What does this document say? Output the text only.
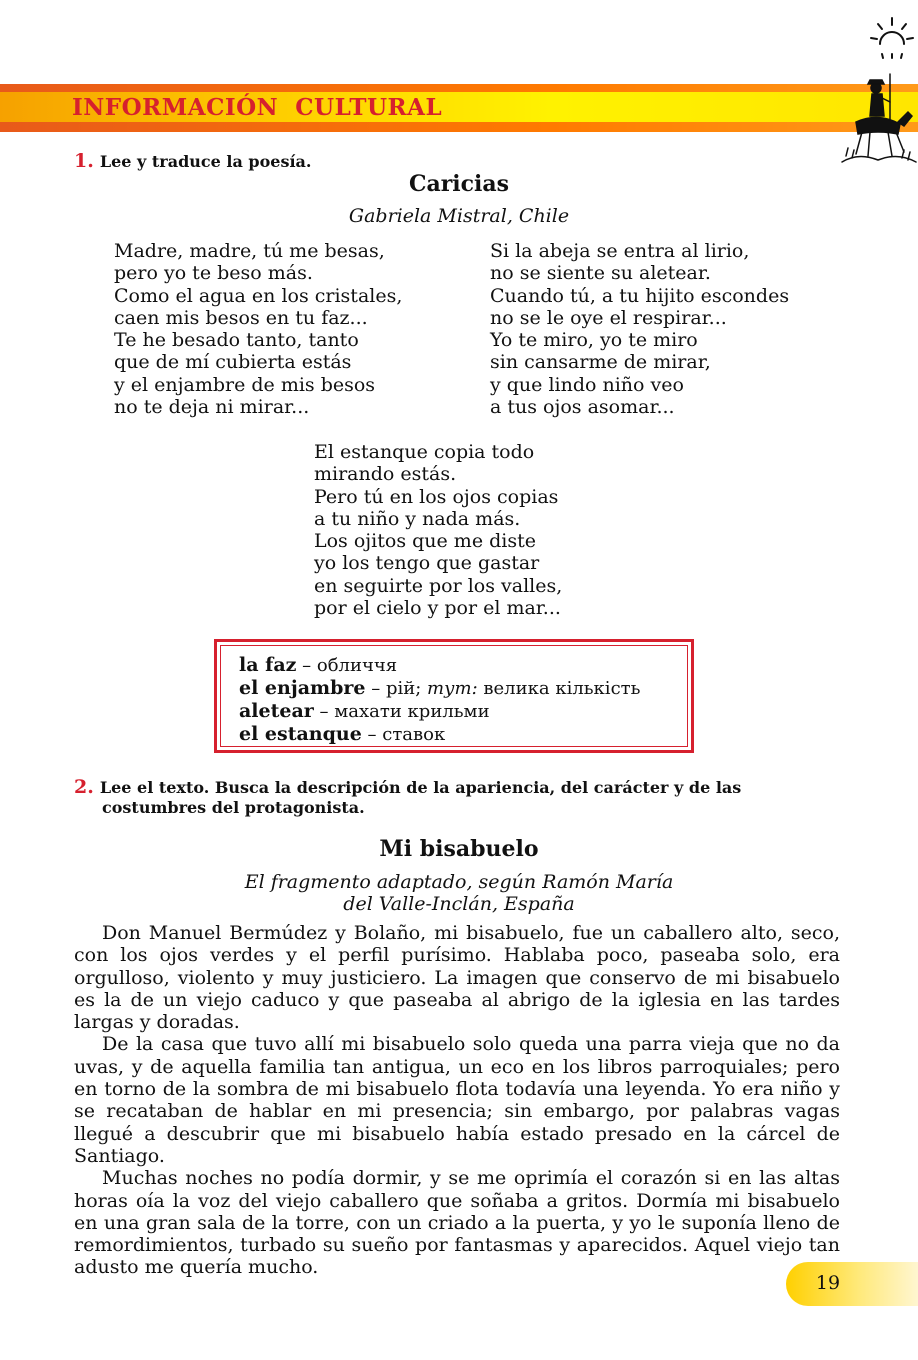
INFORMACIÓN  CULTURAL
1. Lee y traduce la poesía.
Caricias
Gabriela Mistral, Chile
Madre, madre, tú me besas,
pero yo te beso más.
Como el agua en los cristales,
caen mis besos en tu faz...
Te he besado tanto, tanto
que de mí cubierta estás
y el enjambre de mis besos
no te deja ni mirar...
Si la abeja se entra al lirio,
no se siente su aletear.
Cuando tú, a tu hijito escondes
no se le oye el respirar...
Yo te miro, yo te miro
sin cansarme de mirar,
y que lindo niño veo
a tus ojos asomar...
El estanque copia todo
mirando estás.
Pero tú en los ojos copias
a tu niño y nada más.
Los ojitos que me diste
yo los tengo que gastar
en seguirte por los valles,
por el cielo y por el mar...
la faz – обличчя
el enjambre – рій; тут: велика кількість
aletear – махати крильми
el estanque – ставок
2. Lee el texto. Busca la descripción de la apariencia, del carácter y de las
costumbres del protagonista.
Mi bisabuelo
El fragmento adaptado, según Ramón María
del Valle-Inclán, España

Don Manuel Bermúdez y Bolaño, mi bisabuelo, fue un caballero alto, seco, con los ojos verdes y el perfil purísimo. Hablaba poco, paseaba solo, era orgulloso, violento y muy justiciero. La imagen que conservo de mi bisabuelo es la de un viejo caduco y que paseaba al abrigo de la iglesia en las tardes largas y doradas.

De la casa que tuvo allí mi bisabuelo solo queda una parra vieja que no da uvas, y de aquella familia tan antigua, un eco en los libros parroquiales; pero en torno de la sombra de mi bisabuelo flota todavía una leyenda. Yo era niño y se recataban de hablar en mi presencia; sin embargo, por palabras vagas llegué a descubrir que mi bisabuelo había estado presado en la cárcel de Santiago.

Muchas noches no podía dormir, y se me oprimía el corazón si en las altas horas oía la voz del viejo caballero que soñaba a gritos. Dormía mi bisabuelo en una gran sala de la torre, con un criado a la puerta, y yo le suponía lleno de remordimientos, turbado su sueño por fantasmas y aparecidos. Aquel viejo tan adusto me quería mucho.

19
